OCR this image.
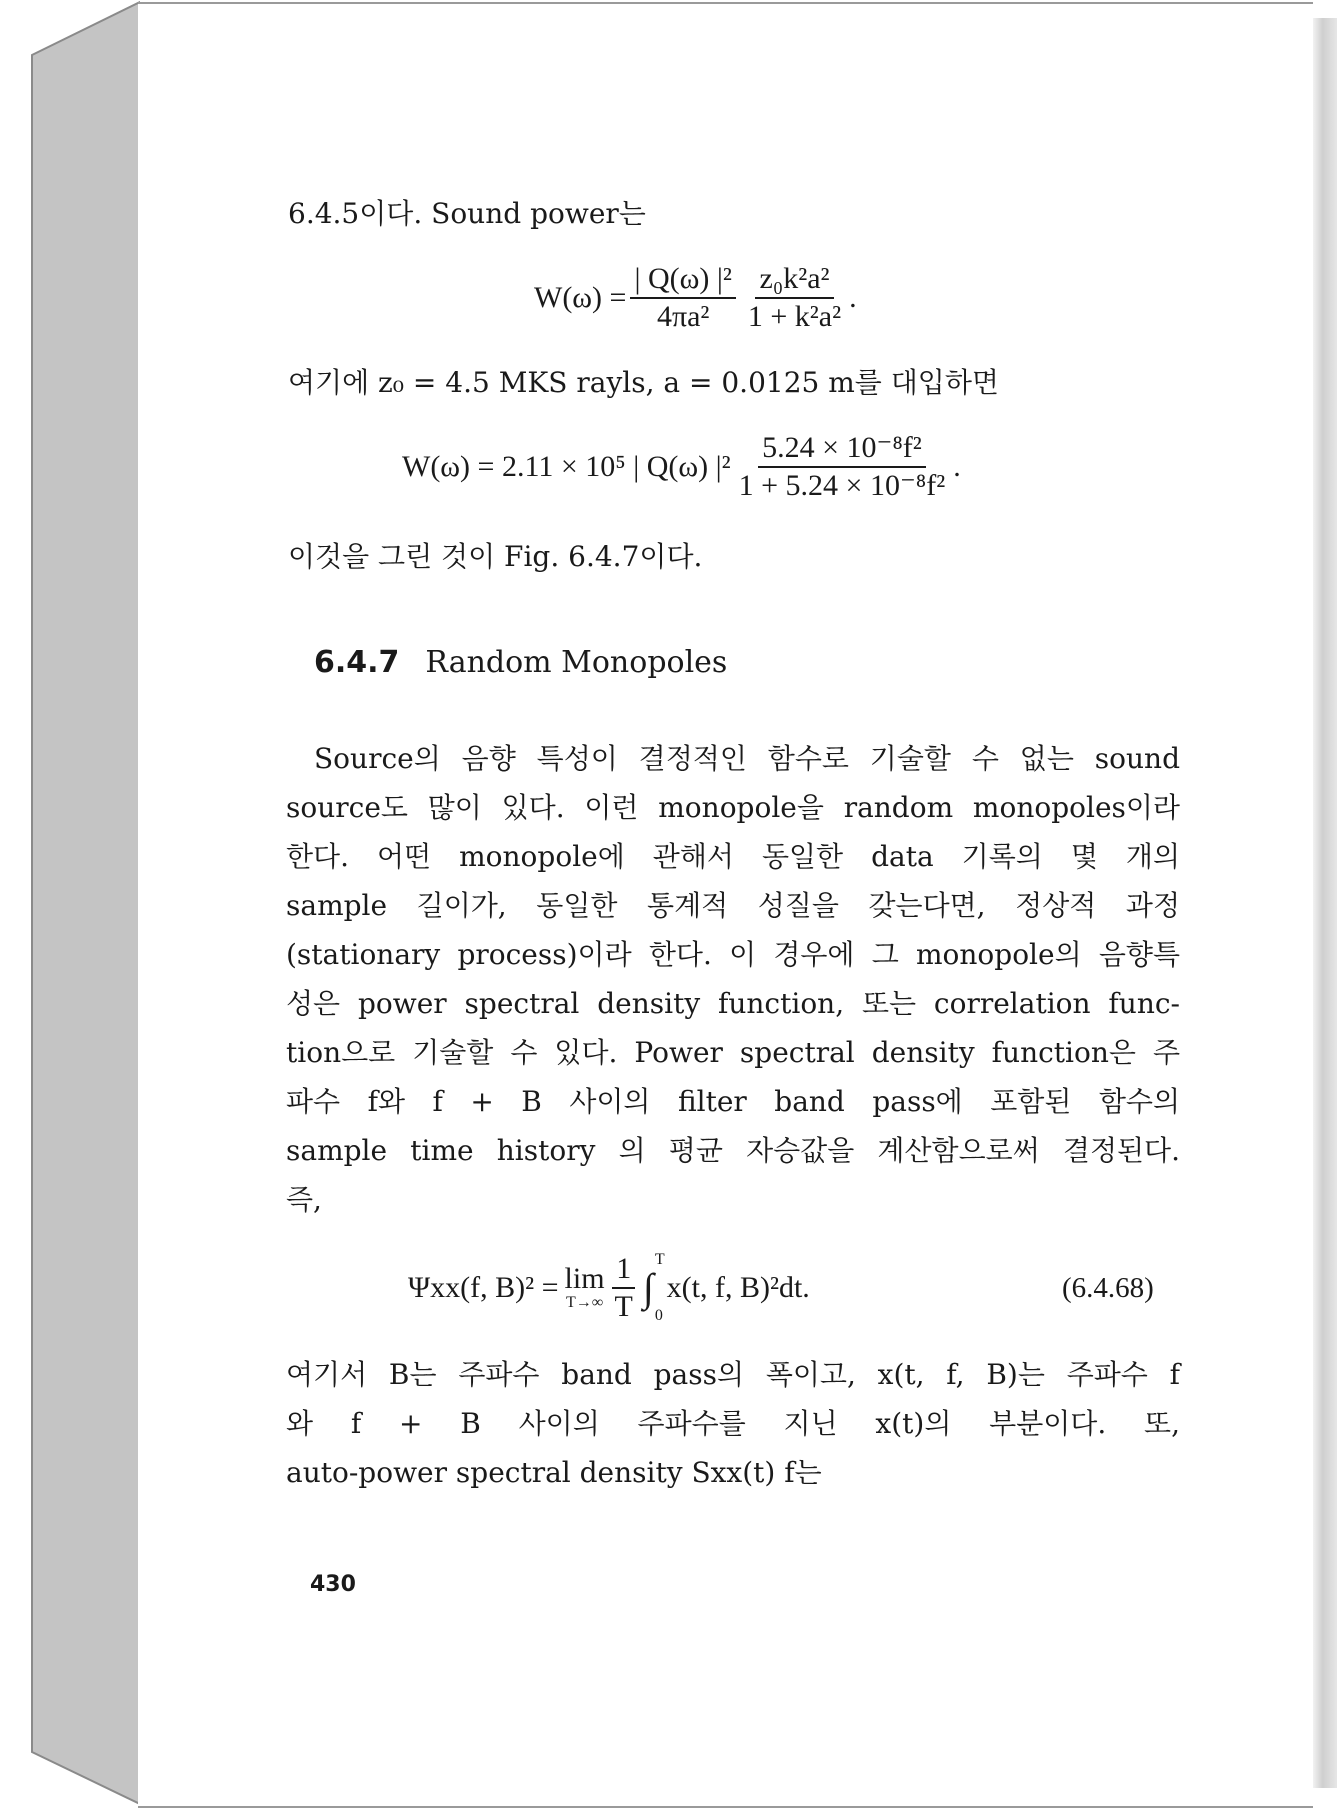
6.4.5이다. Sound power는
$W(\omega) = \frac{\text{| Q(ω) |²}}{\text{4πa²}} \frac{\text{z₀k²a²}}{\text{1 + k²a²}}$ .
여기에 z₀ = 4.5 MKS rayls, a = 0.0125 m를 대입하면
W(ω) = 2.11 × 10⁵ | Q(ω) $|^2 \frac{\text{5.24 × 10⁻⁸f²}}{\text{1 + 5.24 × 10⁻⁸f²}}$ .
이것을 그린 것이 Fig. 6.4.7이다.
6.4.7 Random Monopoles
Source의 음향 특성이 결정적인 함수로 기술할 수 없는 sound
source도 많이 있다. 이런 monopole을 random monopoles이라
한다. 어떤 monopole에 관해서 동일한 data 기록의 몇 개의
sample 길이가, 동일한 통계적 성질을 갖는다면, 정상적 과정
(stationary process)이라 한다. 이 경우에 그 monopole의 음향특
성은 power spectral density function, 또는 correlation func-
tion으로 기술할 수 있다. Power spectral density function은 주
파수 f와 f + B 사이의 filter band pass에 포함된 함수의
sample time history 의 평균 자승값을 계산함으로써 결정된다.
즉,
Ψxx(f, B)² = lim
$T\to\infty \frac{1}{T}$ T
∫
0
x(t, f, B)²dt.	(6.4.68)
여기서 B는 주파수 band pass의 폭이고, x(t, f, B)는 주파수 f
와 f + B 사이의 주파수를 지닌 x(t)의 부분이다. 또,
auto-power spectral density Sxx(t) f는
430
